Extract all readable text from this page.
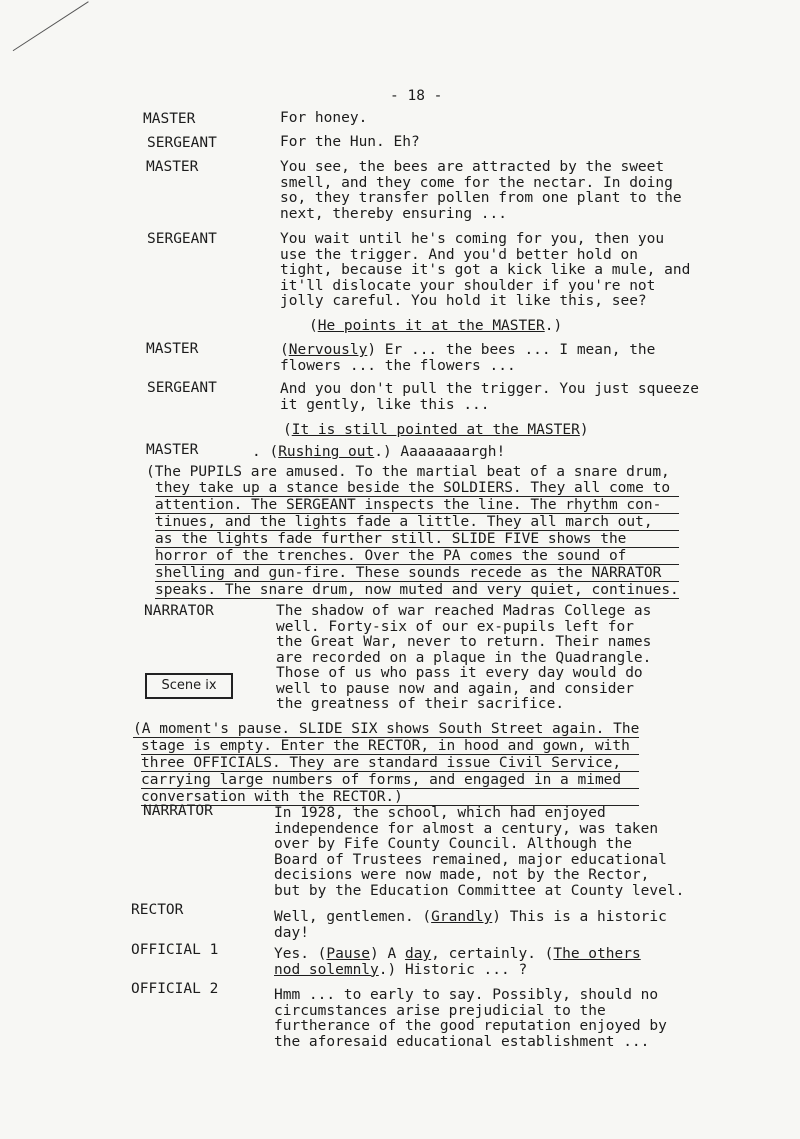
- 18 -
MASTER	For honey.
SERGEANT	For the Hun. Eh?
MASTER	You see, the bees are attracted by the sweet
smell, and they come for the nectar. In doing
so, they transfer pollen from one plant to the
next, thereby ensuring ...
SERGEANT	You wait until he's coming for you, then you
use the trigger. And you'd better hold on
tight, because it's got a kick like a mule, and
it'll dislocate your shoulder if you're not
jolly careful. You hold it like this, see?
(He points it at the MASTER.)
MASTER	(Nervously) Er ... the bees ... I mean, the
flowers ... the flowers ...
SERGEANT	And you don't pull the trigger. You just squeeze
it gently, like this ...
(It is still pointed at the MASTER)
MASTER	. (Rushing out.) Aaaaaaaargh!
(The PUPILS are amused. To the martial beat of a snare drum,
they take up a stance beside the SOLDIERS. They all come to
attention. The SERGEANT inspects the line. The rhythm con-
tinues, and the lights fade a little. They all march out,
as the lights fade further still. SLIDE FIVE shows the
horror of the trenches. Over the PA comes the sound of
shelling and gun-fire. These sounds recede as the NARRATOR
speaks. The snare drum, now muted and very quiet, continues.
NARRATOR	The shadow of war reached Madras College as
well. Forty-six of our ex-pupils left for
the Great War, never to return. Their names
are recorded on a plaque in the Quadrangle.
Those of us who pass it every day would do
well to pause now and again, and consider
the greatness of their sacrifice.
Scene ix
(A moment's pause. SLIDE SIX shows South Street again. The
stage is empty. Enter the RECTOR, in hood and gown, with
three OFFICIALS. They are standard issue Civil Service,
carrying large numbers of forms, and engaged in a mimed
conversation with the RECTOR.)
NARRATOR	In 1928, the school, which had enjoyed
independence for almost a century, was taken
over by Fife County Council. Although the
Board of Trustees remained, major educational
decisions were now made, not by the Rector,
but by the Education Committee at County level.
RECTOR	Well, gentlemen. (Grandly) This is a historic
day!
OFFICIAL 1	Yes. (Pause) A day, certainly. (The others
nod solemnly.) Historic ... ?
OFFICIAL 2	Hmm ... to early to say. Possibly, should no
circumstances arise prejudicial to the
furtherance of the good reputation enjoyed by
the aforesaid educational establishment ...
